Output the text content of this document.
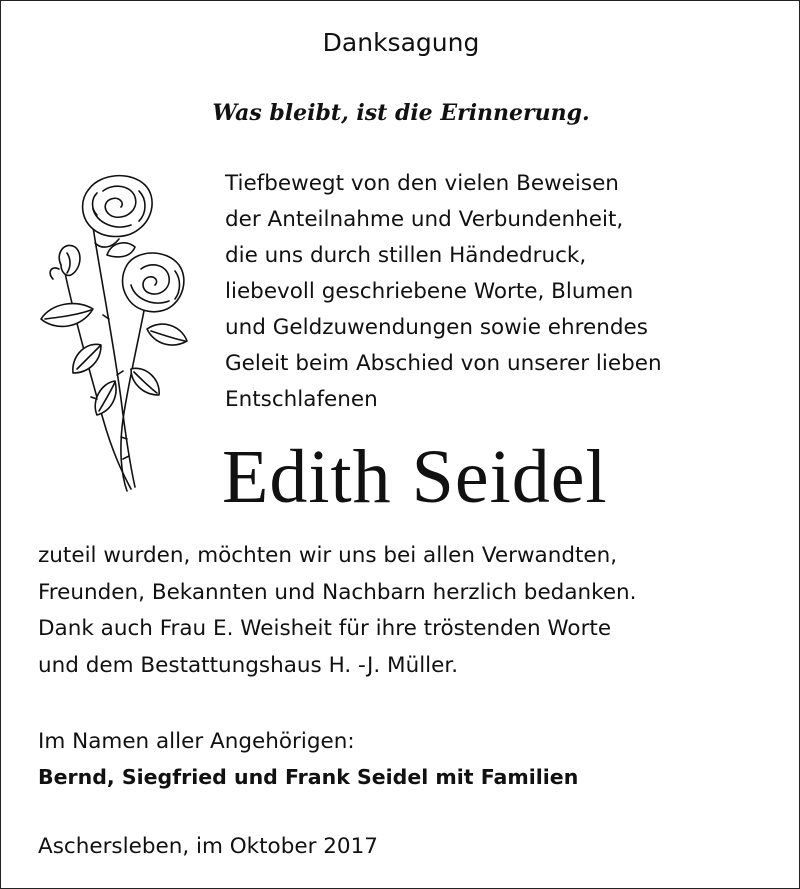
Danksagung
Was bleibt, ist die Erinnerung.
Tiefbewegt von den vielen Beweisen
der Anteilnahme und Verbundenheit,
die uns durch stillen Händedruck,
liebevoll geschriebene Worte, Blumen
und Geldzuwendungen sowie ehrendes
Geleit beim Abschied von unserer lieben
Entschlafenen
Edith Seidel
zuteil wurden, möchten wir uns bei allen Verwandten,
Freunden, Bekannten und Nachbarn herzlich bedanken.
Dank auch Frau E. Weisheit für ihre tröstenden Worte
und dem Bestattungshaus H. -J. Müller.
Im Namen aller Angehörigen:
Bernd, Siegfried und Frank Seidel mit Familien
Aschersleben, im Oktober 2017
